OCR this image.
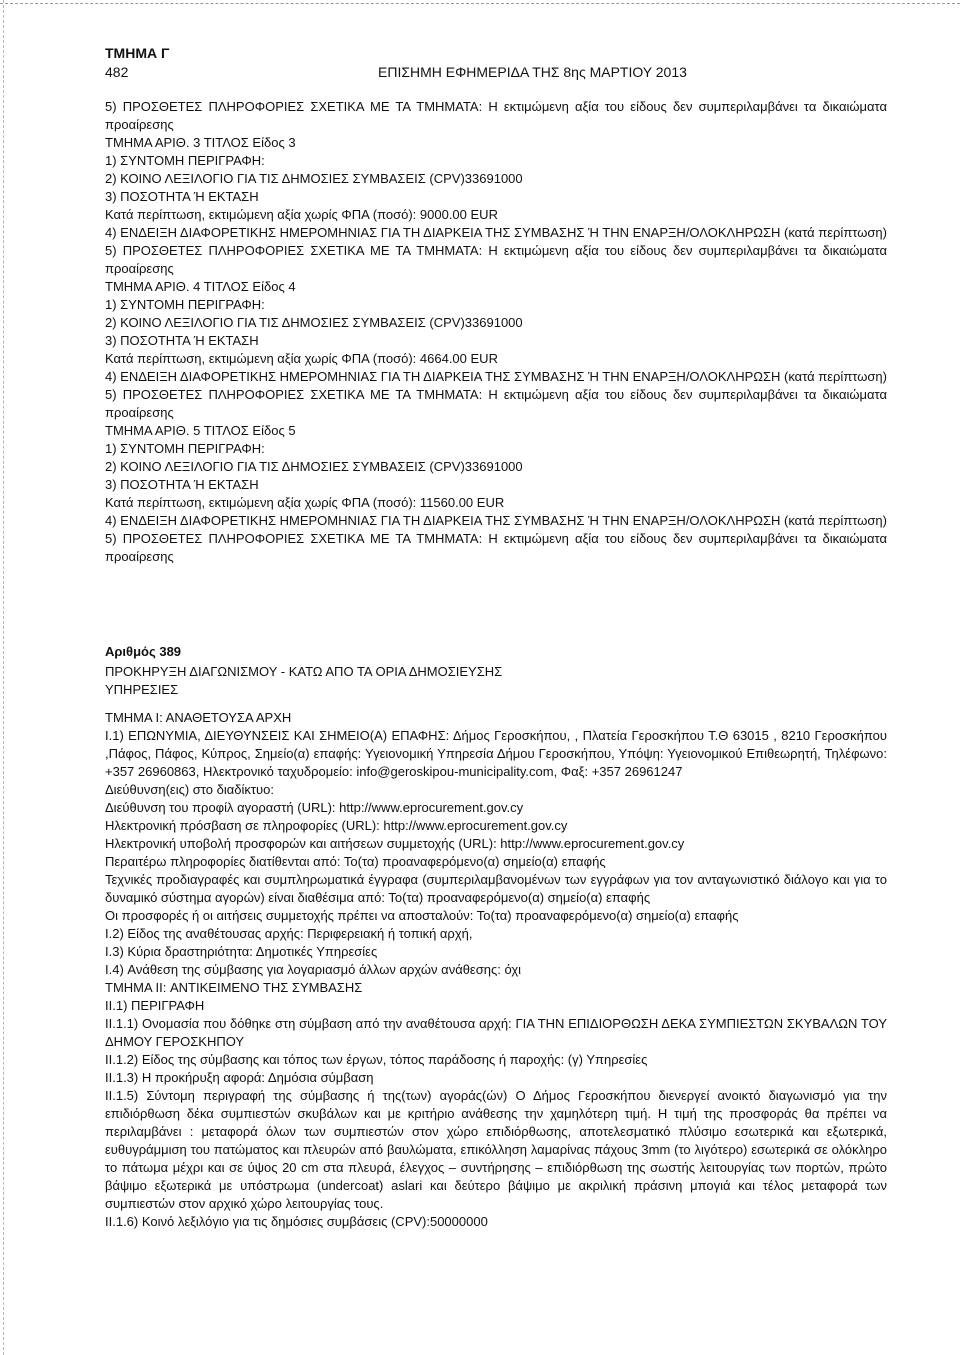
ΤΜΗΜΑ Γ
482	ΕΠΙΣΗΜΗ ΕΦΗΜΕΡΙΔΑ ΤΗΣ 8ης ΜΑΡΤΙΟΥ 2013

5) ΠΡΟΣΘΕΤΕΣ ΠΛΗΡΟΦΟΡΙΕΣ ΣΧΕΤΙΚΑ ΜΕ ΤΑ ΤΜΗΜΑΤΑ: Η εκτιμώμενη αξία του είδους δεν συμπεριλαμβάνει τα δικαιώματα προαίρεσης

ΤΜΗΜΑ ΑΡΙΘ. 3 ΤΙΤΛΟΣ Είδος 3

1) ΣΥΝΤΟΜΗ ΠΕΡΙΓΡΑΦΗ:

2) ΚΟΙΝΟ ΛΕΞΙΛΟΓΙΟ ΓΙΑ ΤΙΣ ΔΗΜΟΣΙΕΣ ΣΥΜΒΑΣΕΙΣ (CPV)33691000

3) ΠΟΣΟΤΗΤΑ Ή ΕΚΤΑΣΗ

Κατά περίπτωση, εκτιμώμενη αξία χωρίς ΦΠΑ (ποσό): 9000.00 EUR

4) ΕΝΔΕΙΞΗ ΔΙΑΦΟΡΕΤΙΚΗΣ ΗΜΕΡΟΜΗΝΙΑΣ ΓΙΑ ΤΗ ΔΙΑΡΚΕΙΑ ΤΗΣ ΣΥΜΒΑΣΗΣ Ή ΤΗΝ ΕΝΑΡΞΗ/ΟΛΟΚΛΗΡΩΣΗ (κατά περίπτωση)

5) ΠΡΟΣΘΕΤΕΣ ΠΛΗΡΟΦΟΡΙΕΣ ΣΧΕΤΙΚΑ ΜΕ ΤΑ ΤΜΗΜΑΤΑ: Η εκτιμώμενη αξία του είδους δεν συμπεριλαμβάνει τα δικαιώματα προαίρεσης

ΤΜΗΜΑ ΑΡΙΘ. 4 ΤΙΤΛΟΣ Είδος 4

1) ΣΥΝΤΟΜΗ ΠΕΡΙΓΡΑΦΗ:

2) ΚΟΙΝΟ ΛΕΞΙΛΟΓΙΟ ΓΙΑ ΤΙΣ ΔΗΜΟΣΙΕΣ ΣΥΜΒΑΣΕΙΣ (CPV)33691000

3) ΠΟΣΟΤΗΤΑ Ή ΕΚΤΑΣΗ

Κατά περίπτωση, εκτιμώμενη αξία χωρίς ΦΠΑ (ποσό): 4664.00 EUR

4) ΕΝΔΕΙΞΗ ΔΙΑΦΟΡΕΤΙΚΗΣ ΗΜΕΡΟΜΗΝΙΑΣ ΓΙΑ ΤΗ ΔΙΑΡΚΕΙΑ ΤΗΣ ΣΥΜΒΑΣΗΣ Ή ΤΗΝ ΕΝΑΡΞΗ/ΟΛΟΚΛΗΡΩΣΗ (κατά περίπτωση)

5) ΠΡΟΣΘΕΤΕΣ ΠΛΗΡΟΦΟΡΙΕΣ ΣΧΕΤΙΚΑ ΜΕ ΤΑ ΤΜΗΜΑΤΑ: Η εκτιμώμενη αξία του είδους δεν συμπεριλαμβάνει τα δικαιώματα προαίρεσης

ΤΜΗΜΑ ΑΡΙΘ. 5 ΤΙΤΛΟΣ Είδος 5

1) ΣΥΝΤΟΜΗ ΠΕΡΙΓΡΑΦΗ:

2) ΚΟΙΝΟ ΛΕΞΙΛΟΓΙΟ ΓΙΑ ΤΙΣ ΔΗΜΟΣΙΕΣ ΣΥΜΒΑΣΕΙΣ (CPV)33691000

3) ΠΟΣΟΤΗΤΑ Ή ΕΚΤΑΣΗ

Κατά περίπτωση, εκτιμώμενη αξία χωρίς ΦΠΑ (ποσό): 11560.00 EUR

4) ΕΝΔΕΙΞΗ ΔΙΑΦΟΡΕΤΙΚΗΣ ΗΜΕΡΟΜΗΝΙΑΣ ΓΙΑ ΤΗ ΔΙΑΡΚΕΙΑ ΤΗΣ ΣΥΜΒΑΣΗΣ Ή ΤΗΝ ΕΝΑΡΞΗ/ΟΛΟΚΛΗΡΩΣΗ (κατά περίπτωση)

5) ΠΡΟΣΘΕΤΕΣ ΠΛΗΡΟΦΟΡΙΕΣ ΣΧΕΤΙΚΑ ΜΕ ΤΑ ΤΜΗΜΑΤΑ: Η εκτιμώμενη αξία του είδους δεν συμπεριλαμβάνει τα δικαιώματα προαίρεσης

Αριθμός 389

ΠΡΟΚΗΡΥΞΗ ΔΙΑΓΩΝΙΣΜΟΥ - ΚΑΤΩ ΑΠΟ ΤΑ ΟΡΙΑ ΔΗΜΟΣΙΕΥΣΗΣ

ΥΠΗΡΕΣΙΕΣ

ΤΜΗΜΑ Ι: ΑΝΑΘΕΤΟΥΣΑ ΑΡΧΗ

I.1) ΕΠΩΝΥΜΙΑ, ΔΙΕΥΘΥΝΣΕΙΣ ΚΑΙ ΣΗΜΕΙΟ(Α) ΕΠΑΦΗΣ: Δήμος Γεροσκήπου, , Πλατεία Γεροσκήπου Τ.Θ 63015 , 8210 Γεροσκήπου ,Πάφος, Πάφος, Κύπρος, Σημείο(α) επαφής: Υγειονομική Υπηρεσία Δήμου Γεροσκήπου, Υπόψη: Υγειονομικού Επιθεωρητή, Τηλέφωνο: +357 26960863, Ηλεκτρονικό ταχυδρομείο: info@geroskipou-municipality.com, Φαξ: +357 26961247

Διεύθυνση(εις) στο διαδίκτυο:

Διεύθυνση του προφίλ αγοραστή (URL): http://www.eprocurement.gov.cy

Ηλεκτρονική πρόσβαση σε πληροφορίες (URL): http://www.eprocurement.gov.cy

Ηλεκτρονική υποβολή προσφορών και αιτήσεων συμμετοχής (URL): http://www.eprocurement.gov.cy

Περαιτέρω πληροφορίες διατίθενται από: Το(τα) προαναφερόμενο(α) σημείο(α) επαφής

Τεχνικές προδιαγραφές και συμπληρωματικά έγγραφα (συμπεριλαμβανομένων των εγγράφων για τον ανταγωνιστικό διάλογο και για το δυναμικό σύστημα αγορών) είναι διαθέσιμα από: Το(τα) προαναφερόμενο(α) σημείο(α) επαφής

Οι προσφορές ή οι αιτήσεις συμμετοχής πρέπει να αποσταλούν: Το(τα) προαναφερόμενο(α) σημείο(α) επαφής

I.2) Είδος της αναθέτουσας αρχής: Περιφερειακή ή τοπική αρχή,

I.3) Κύρια δραστηριότητα: Δημοτικές Υπηρεσίες

I.4) Ανάθεση της σύμβασης για λογαριασμό άλλων αρχών ανάθεσης: όχι

ΤΜΗΜΑ II: ΑΝΤΙΚΕΙΜΕΝΟ ΤΗΣ ΣΥΜΒΑΣΗΣ

II.1) ΠΕΡΙΓΡΑΦΗ

II.1.1) Ονομασία που δόθηκε στη σύμβαση από την αναθέτουσα αρχή: ΓΙΑ ΤΗΝ ΕΠΙΔΙΟΡΘΩΣΗ ΔΕΚΑ ΣΥΜΠΙΕΣΤΩΝ ΣΚΥΒΑΛΩΝ ΤΟΥ ΔΗΜΟΥ ΓΕΡΟΣΚΗΠΟΥ

II.1.2) Είδος της σύμβασης και τόπος των έργων, τόπος παράδοσης ή παροχής: (γ) Υπηρεσίες

II.1.3) Η προκήρυξη αφορά: Δημόσια σύμβαση

II.1.5) Σύντομη περιγραφή της σύμβασης ή της(των) αγοράς(ών) Ο Δήμος Γεροσκήπου διενεργεί ανοικτό διαγωνισμό για την επιδιόρθωση δέκα συμπιεστών σκυβάλων και με κριτήριο ανάθεσης την χαμηλότερη τιμή. Η τιμή της προσφοράς θα πρέπει να περιλαμβάνει : μεταφορά όλων των συμπιεστών στον χώρο επιδιόρθωσης, αποτελεσματικό πλύσιμο εσωτερικά και εξωτερικά, ευθυγράμμιση του πατώματος και πλευρών από βαυλώματα, επικόλληση λαμαρίνας πάχους 3mm (το λιγότερο) εσωτερικά σε ολόκληρο το πάτωμα μέχρι και σε ύψος 20 cm στα πλευρά, έλεγχος – συντήρησης – επιδιόρθωση της σωστής λειτουργίας των πορτών, πρώτο βάψιμο εξωτερικά με υπόστρωμα (undercoat) aslari και δεύτερο βάψιμο με ακριλική πράσινη μπογιά και τέλος μεταφορά των συμπιεστών στον αρχικό χώρο λειτουργίας τους.

II.1.6) Κοινό λεξιλόγιο για τις δημόσιες συμβάσεις (CPV):50000000
